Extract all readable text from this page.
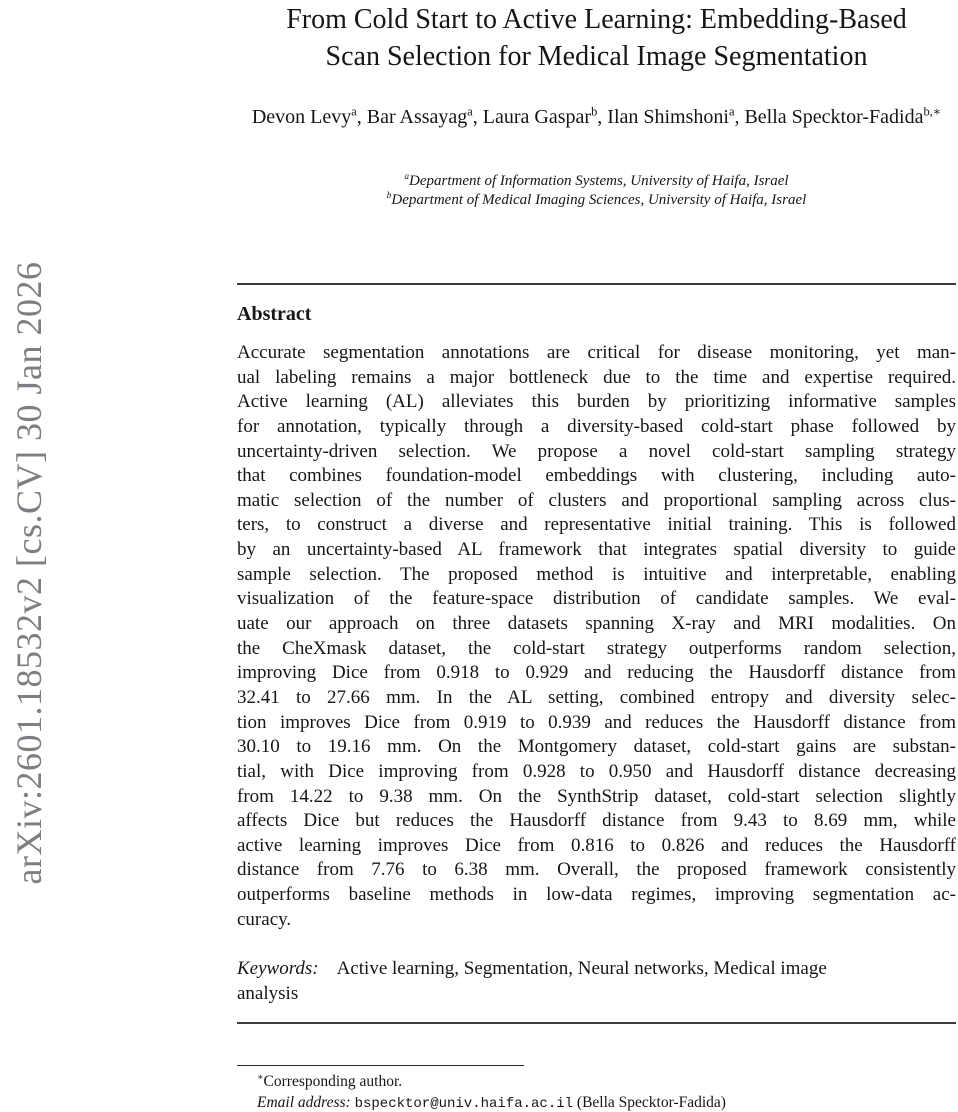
arXiv:2601.18532v2 [cs.CV] 30 Jan 2026
From Cold Start to Active Learning: Embedding-Based
Scan Selection for Medical Image Segmentation
Devon Levy$^a$, Bar Assayag$^a$, Laura Gaspar$^b$, Ilan Shimshoni$^a$, Bella Specktor-Fadida$^{b,∗}$
$^a$Department of Information Systems, University of Haifa, Israel
$^b$Department of Medical Imaging Sciences, University of Haifa, Israel
Abstract
Accurate segmentation annotations are critical for disease monitoring, yet man-
ual labeling remains a major bottleneck due to the time and expertise required.
Active learning (AL) alleviates this burden by prioritizing informative samples
for annotation, typically through a diversity-based cold-start phase followed by
uncertainty-driven selection. We propose a novel cold-start sampling strategy
that combines foundation-model embeddings with clustering, including auto-
matic selection of the number of clusters and proportional sampling across clus-
ters, to construct a diverse and representative initial training. This is followed
by an uncertainty-based AL framework that integrates spatial diversity to guide
sample selection. The proposed method is intuitive and interpretable, enabling
visualization of the feature-space distribution of candidate samples. We eval-
uate our approach on three datasets spanning X-ray and MRI modalities. On
the CheXmask dataset, the cold-start strategy outperforms random selection,
improving Dice from 0.918 to 0.929 and reducing the Hausdorff distance from
32.41 to 27.66 mm. In the AL setting, combined entropy and diversity selec-
tion improves Dice from 0.919 to 0.939 and reduces the Hausdorff distance from
30.10 to 19.16 mm. On the Montgomery dataset, cold-start gains are substan-
tial, with Dice improving from 0.928 to 0.950 and Hausdorff distance decreasing
from 14.22 to 9.38 mm. On the SynthStrip dataset, cold-start selection slightly
affects Dice but reduces the Hausdorff distance from 9.43 to 8.69 mm, while
active learning improves Dice from 0.816 to 0.826 and reduces the Hausdorff
distance from 7.76 to 6.38 mm. Overall, the proposed framework consistently
outperforms baseline methods in low-data regimes, improving segmentation ac-
curacy.
Keywords: Active learning, Segmentation, Neural networks, Medical image
analysis
∗Corresponding author.
Email address: bspecktor@univ.haifa.ac.il (Bella Specktor-Fadida)
